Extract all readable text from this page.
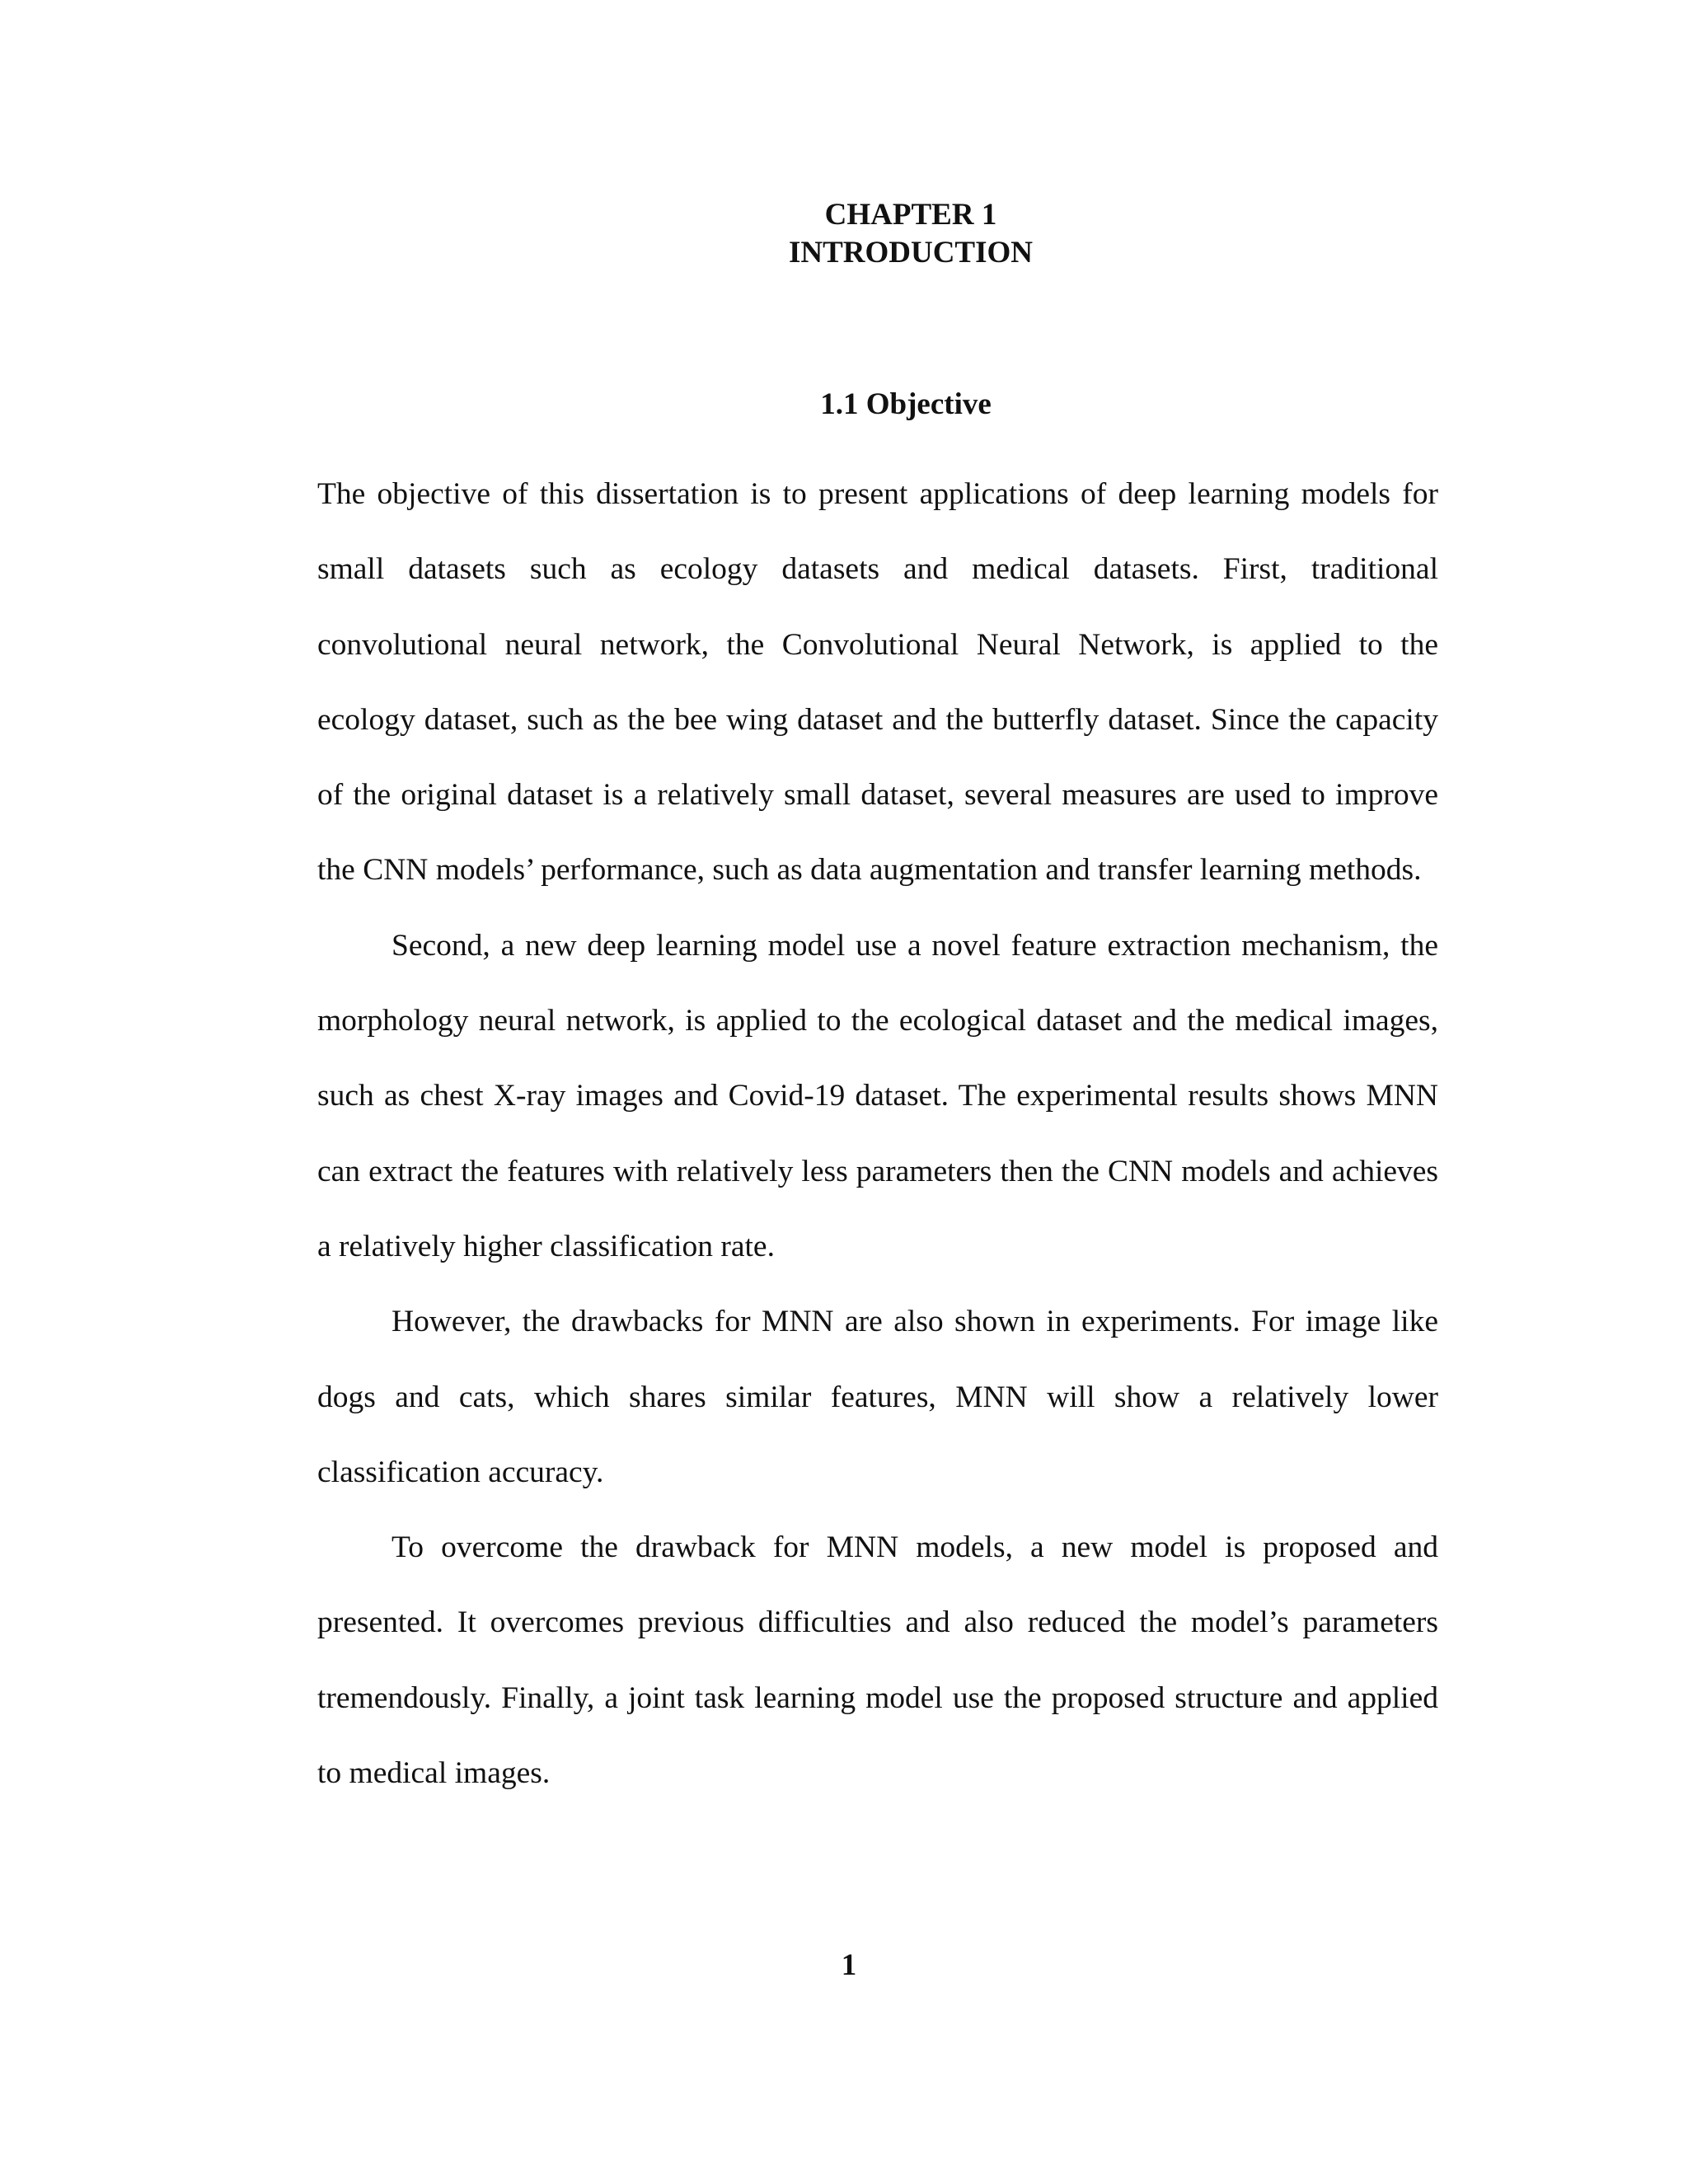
CHAPTER 1
INTRODUCTION
1.1 Objective

The objective of this dissertation is to present applications of deep learning models for small datasets such as ecology datasets and medical datasets. First, traditional convolutional neural network, the Convolutional Neural Network, is applied to the ecology dataset, such as the bee wing dataset and the butterfly dataset. Since the capacity of the original dataset is a relatively small dataset, several measures are used to improve the CNN models’ performance, such as data augmentation and transfer learning methods.

Second, a new deep learning model use a novel feature extraction mechanism, the morphology neural network, is applied to the ecological dataset and the medical images, such as chest X-ray images and Covid-19 dataset. The experimental results shows MNN can extract the features with relatively less parameters then the CNN models and achieves a relatively higher classification rate.

However, the drawbacks for MNN are also shown in experiments. For image like dogs and cats, which shares similar features, MNN will show a relatively lower classification accuracy.

To overcome the drawback for MNN models, a new model is proposed and presented. It overcomes previous difficulties and also reduced the model’s parameters tremendously. Finally, a joint task learning model use the proposed structure and applied to medical images.

1
